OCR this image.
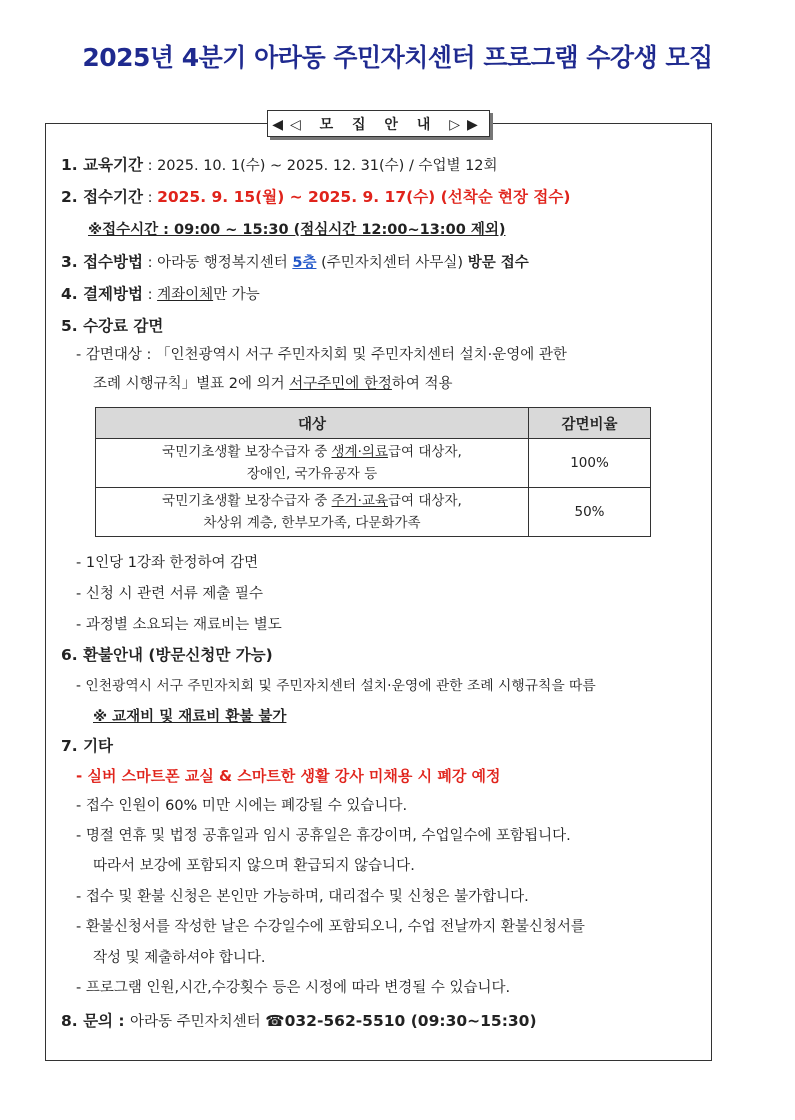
2025년 4분기 아라동 주민자치센터 프로그램 수강생 모집
◀◁ 모 집 안 내 ▷▶
1. 교육기간 : 2025. 10. 1(수) ~ 2025. 12. 31(수) / 수업별 12회
2. 접수기간 : 2025. 9. 15(월) ~ 2025. 9. 17(수) (선착순 현장 접수)
※접수시간 : 09:00 ~ 15:30 (점심시간 12:00~13:00 제외)
3. 접수방법 : 아라동 행정복지센터 5층 (주민자치센터 사무실) 방문 접수
4. 결제방법 : 계좌이체만 가능
5. 수강료 감면
- 감면대상 : 「인천광역시 서구 주민자치회 및 주민자치센터 설치·운영에 관한
조례 시행규칙」별표 2에 의거 서구주민에 한정하여 적용
대상	감면비율
국민기초생활 보장수급자 중 생계·의료급여 대상자,
장애인, 국가유공자 등	100%
국민기초생활 보장수급자 중 주거·교육급여 대상자,
차상위 계층, 한부모가족, 다문화가족	50%
- 1인당 1강좌 한정하여 감면
- 신청 시 관련 서류 제출 필수
- 과정별 소요되는 재료비는 별도
6. 환불안내 (방문신청만 가능)
- 인천광역시 서구 주민자치회 및 주민자치센터 설치·운영에 관한 조례 시행규칙을 따름
※ 교재비 및 재료비 환불 불가
7. 기타
- 실버 스마트폰 교실 & 스마트한 생활 강사 미채용 시 폐강 예정
- 접수 인원이 60% 미만 시에는 폐강될 수 있습니다.
- 명절 연휴 및 법정 공휴일과 임시 공휴일은 휴강이며, 수업일수에 포함됩니다.
따라서 보강에 포함되지 않으며 환급되지 않습니다.
- 접수 및 환불 신청은 본인만 가능하며, 대리접수 및 신청은 불가합니다.
- 환불신청서를 작성한 날은 수강일수에 포함되오니, 수업 전날까지 환불신청서를
작성 및 제출하셔야 합니다.
- 프로그램 인원,시간,수강횟수 등은 시정에 따라 변경될 수 있습니다.
8. 문의 : 아라동 주민자치센터 ☎032-562-5510 (09:30~15:30)
